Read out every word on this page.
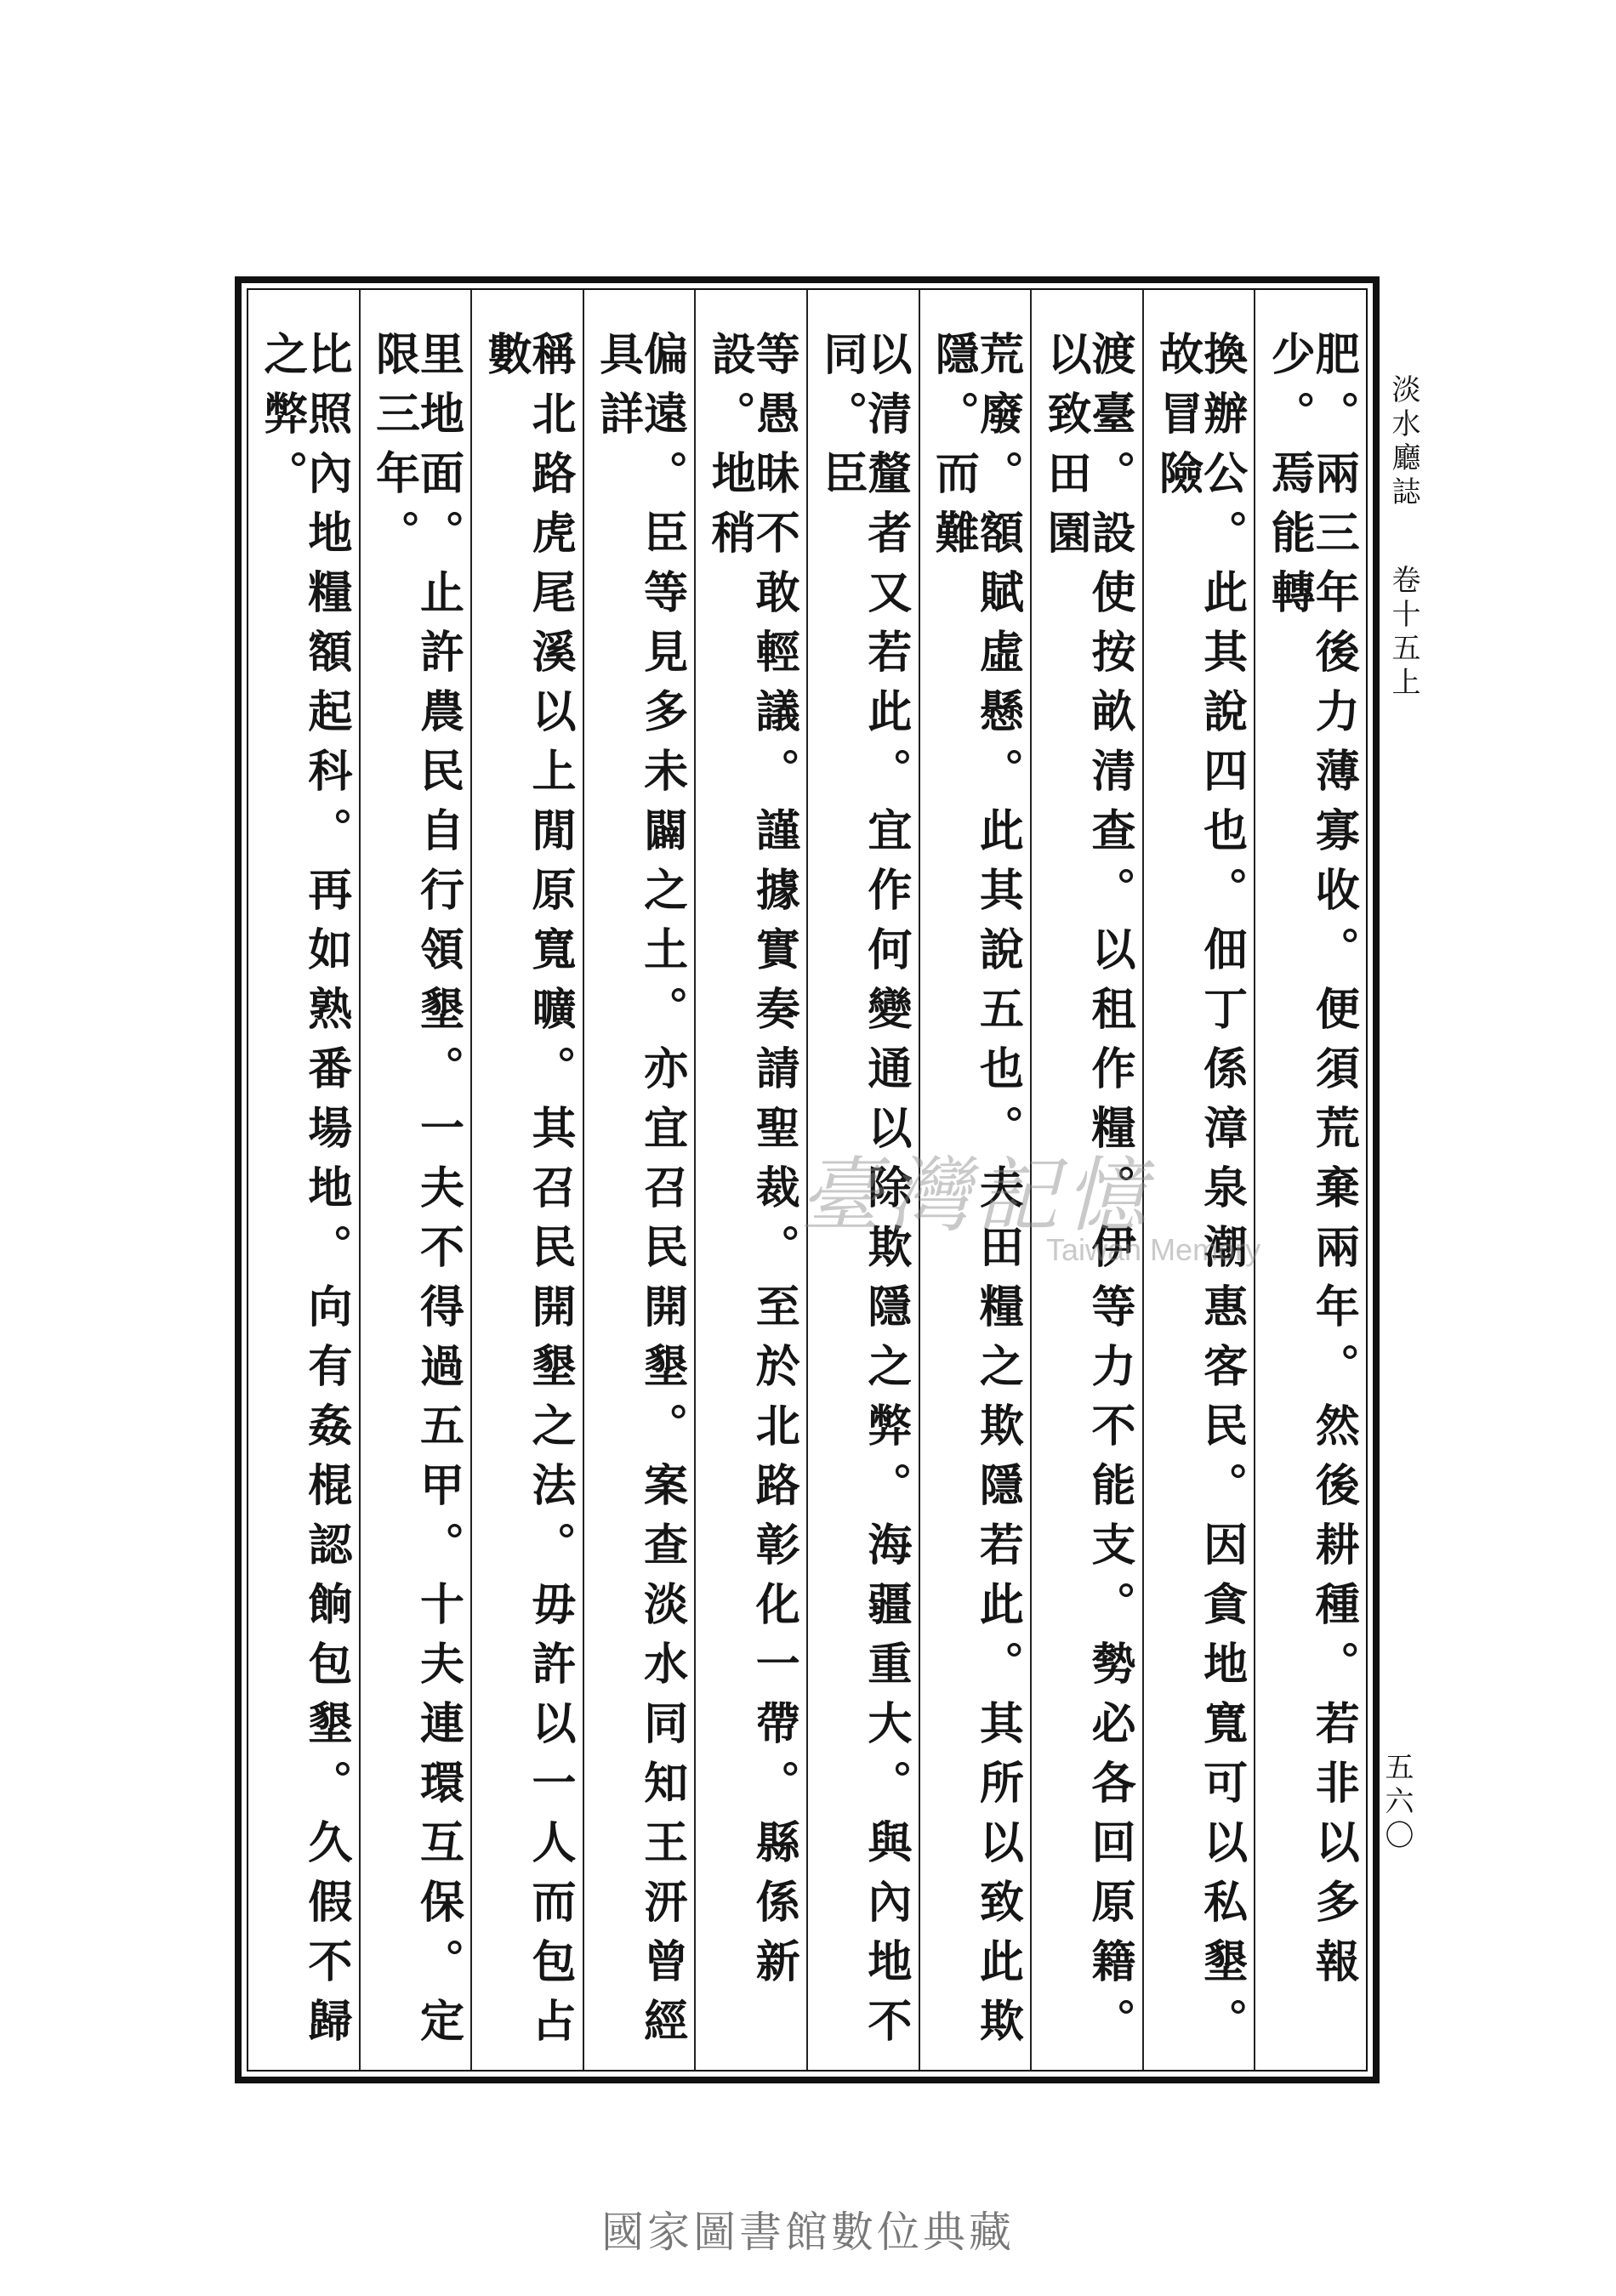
淡水廳誌
卷十五上
五六〇
肥。兩三年後力薄寡收。便須荒棄兩年。然後耕種。若非以多報少。焉能轉
換辦公。此其說四也。佃丁係漳泉潮惠客民。因貪地寬可以私墾。故冒險
渡臺。設使按畝清查。以租作糧。伊等力不能支。勢必各回原籍。以致田園
荒廢。額賦虛懸。此其說五也。夫田糧之欺隱若此。其所以致此欺隱。而難
以清釐者又若此。宜作何變通以除欺隱之弊。海疆重大。與內地不同。臣
等愚昧不敢輕議。謹據實奏請聖裁。至於北路彰化一帶。縣係新設。地稍
偏遠。臣等見多未闢之土。亦宜召民開墾。案查淡水同知王汧曾經具詳
稱北路虎尾溪以上閒原寬曠。其召民開墾之法。毋許以一人而包占數
里地面。止許農民自行領墾。一夫不得過五甲。十夫連環互保。定限三年。
比照內地糧額起科。再如熟番場地。向有姦棍認餉包墾。久假不歸之弊。
臺灣記憶
Taiwan Memory
國家圖書館數位典藏
